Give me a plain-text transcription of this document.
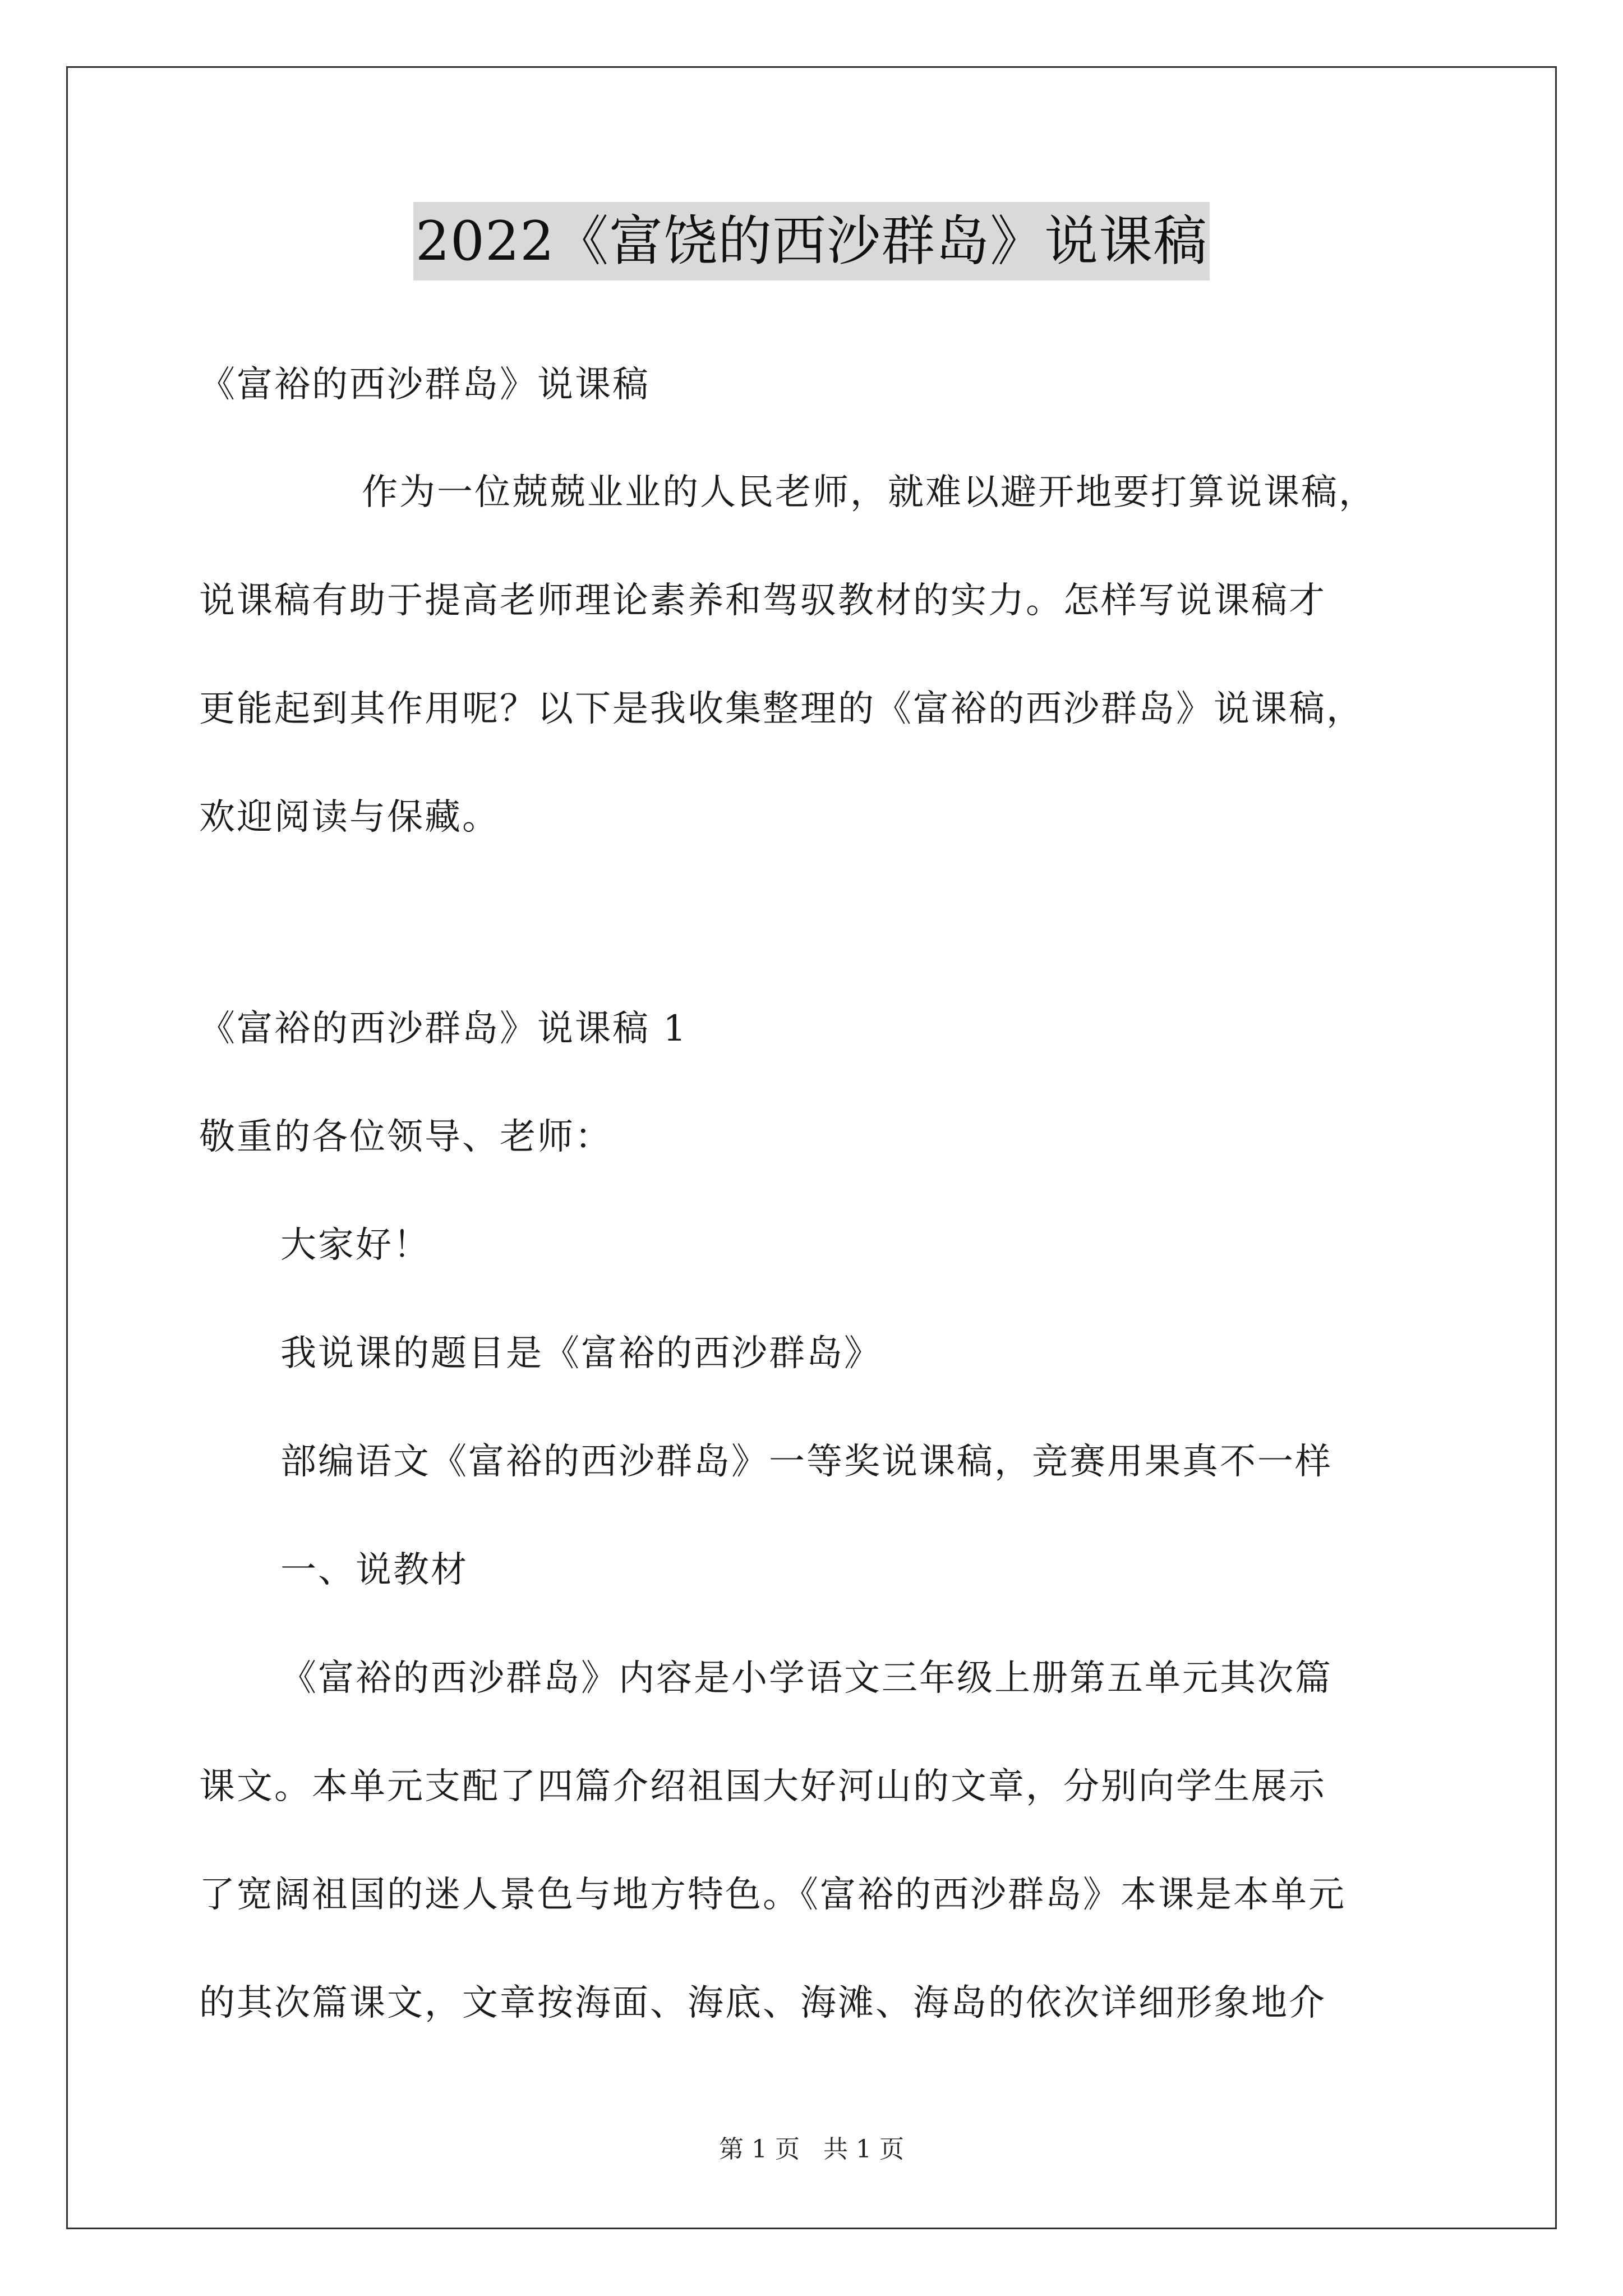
2022《富饶的西沙群岛》说课稿
《富裕的西沙群岛》说课稿
作为一位兢兢业业的人民老师，就难以避开地要打算说课稿，
说课稿有助于提高老师理论素养和驾驭教材的实力。怎样写说课稿才
更能起到其作用呢？以下是我收集整理的《富裕的西沙群岛》说课稿，
欢迎阅读与保藏。
《富裕的西沙群岛》说课稿 1
敬重的各位领导、老师：
大家好！
我说课的题目是《富裕的西沙群岛》
部编语文《富裕的西沙群岛》一等奖说课稿，竞赛用果真不一样
一、说教材
《富裕的西沙群岛》内容是小学语文三年级上册第五单元其次篇
课文。本单元支配了四篇介绍祖国大好河山的文章，分别向学生展示
了宽阔祖国的迷人景色与地方特色。《富裕的西沙群岛》本课是本单元
的其次篇课文，文章按海面、海底、海滩、海岛的依次详细形象地介
第 1 页 共 1 页
